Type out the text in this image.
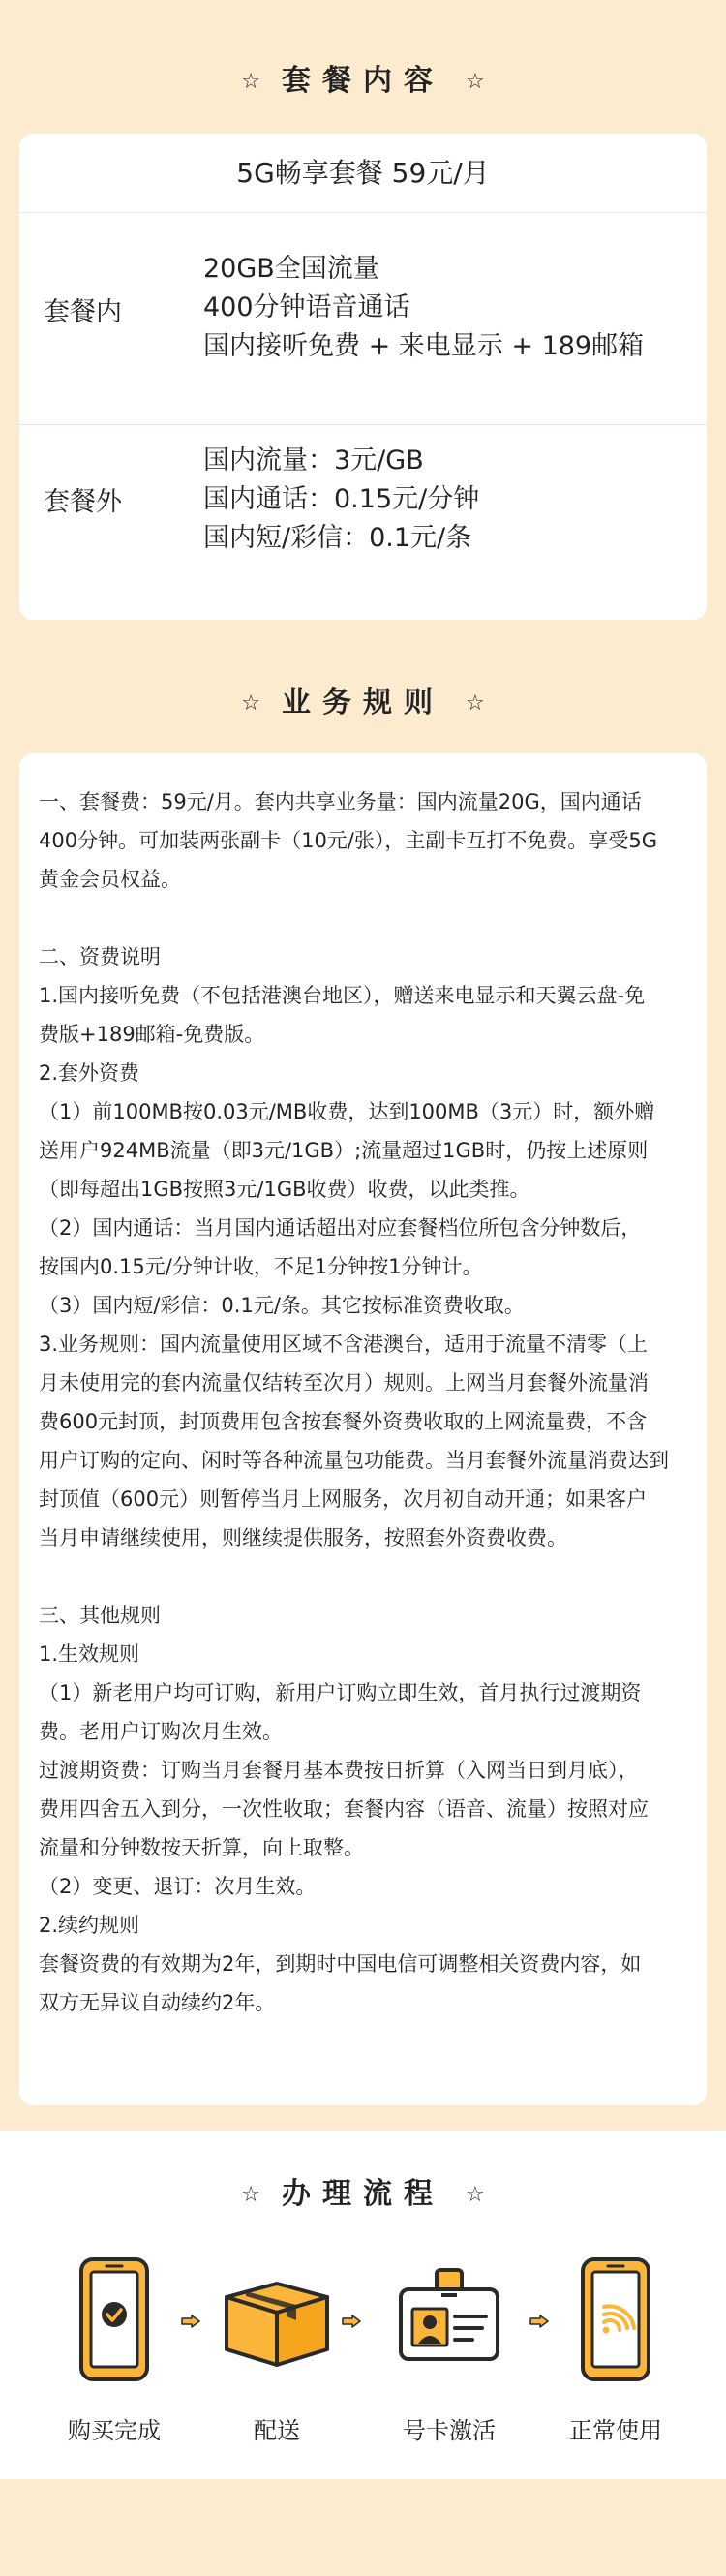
☆ 套餐内容 ☆
5G畅享套餐 59元/月
套餐内
20GB全国流量
400分钟语音通话
国内接听免费 + 来电显示 + 189邮箱
套餐外
国内流量：3元/GB
国内通话：0.15元/分钟
国内短/彩信：0.1元/条
☆ 业务规则 ☆
一、套餐费：59元/月。套内共享业务量：国内流量20G，国内通话
400分钟。可加装两张副卡（10元/张），主副卡互打不免费。享受5G
黄金会员权益。
二、资费说明
1.国内接听免费（不包括港澳台地区），赠送来电显示和天翼云盘-免
费版+189邮箱-免费版。
2.套外资费
（1）前100MB按0.03元/MB收费，达到100MB（3元）时，额外赠
送用户924MB流量（即3元/1GB）;流量超过1GB时，仍按上述原则
（即每超出1GB按照3元/1GB收费）收费，以此类推。
（2）国内通话：当月国内通话超出对应套餐档位所包含分钟数后，
按国内0.15元/分钟计收，不足1分钟按1分钟计。
（3）国内短/彩信：0.1元/条。其它按标准资费收取。
3.业务规则：国内流量使用区域不含港澳台，适用于流量不清零（上
月未使用完的套内流量仅结转至次月）规则。上网当月套餐外流量消
费600元封顶，封顶费用包含按套餐外资费收取的上网流量费，不含
用户订购的定向、闲时等各种流量包功能费。当月套餐外流量消费达到
封顶值（600元）则暂停当月上网服务，次月初自动开通；如果客户
当月申请继续使用，则继续提供服务，按照套外资费收费。
三、其他规则
1.生效规则
（1）新老用户均可订购，新用户订购立即生效，首月执行过渡期资
费。老用户订购次月生效。
过渡期资费：订购当月套餐月基本费按日折算（入网当日到月底），
费用四舍五入到分，一次性收取；套餐内容（语音、流量）按照对应
流量和分钟数按天折算，向上取整。
（2）变更、退订：次月生效。
2.续约规则
套餐资费的有效期为2年，到期时中国电信可调整相关资费内容，如
双方无异议自动续约2年。
☆ 办理流程 ☆
购买完成	配送	号卡激活	正常使用
